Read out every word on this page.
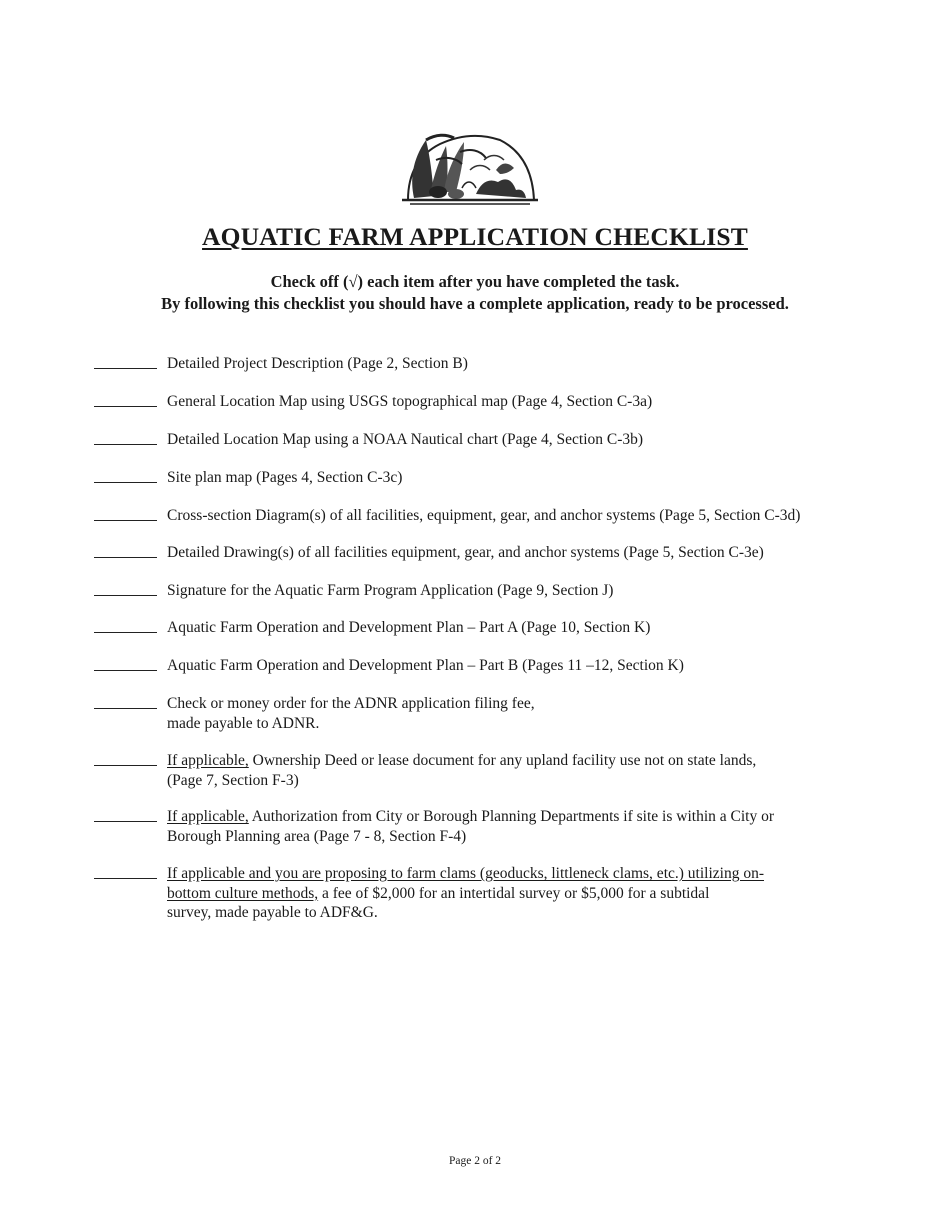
AQUATIC FARM APPLICATION CHECKLIST
Check off (√) each item after you have completed the task.
By following this checklist you should have a complete application, ready to be processed.
Detailed Project Description (Page 2, Section B)
General Location Map using USGS topographical map (Page 4, Section C-3a)
Detailed Location Map using a NOAA Nautical chart (Page 4, Section C-3b)
Site plan map (Pages 4, Section C-3c)
Cross-section Diagram(s) of all facilities, equipment, gear, and anchor systems (Page 5, Section C-3d)
Detailed Drawing(s) of all facilities equipment, gear, and anchor systems (Page 5, Section C-3e)
Signature for the Aquatic Farm Program Application (Page 9, Section J)
Aquatic Farm Operation and Development Plan – Part A (Page 10, Section K)
Aquatic Farm Operation and Development Plan – Part B (Pages 11 –12, Section K)
Check or money order for the ADNR application filing fee,
made payable to ADNR.
If applicable, Ownership Deed or lease document for any upland facility use not on state lands,
(Page 7, Section F-3)
If applicable, Authorization from City or Borough Planning Departments if site is within a City or
Borough Planning area (Page 7 - 8, Section F-4)
If applicable and you are proposing to farm clams (geoducks, littleneck clams, etc.) utilizing on-
bottom culture methods, a fee of $2,000 for an intertidal survey or $5,000 for a subtidal
survey, made payable to ADF&G.
Page 2 of 2
